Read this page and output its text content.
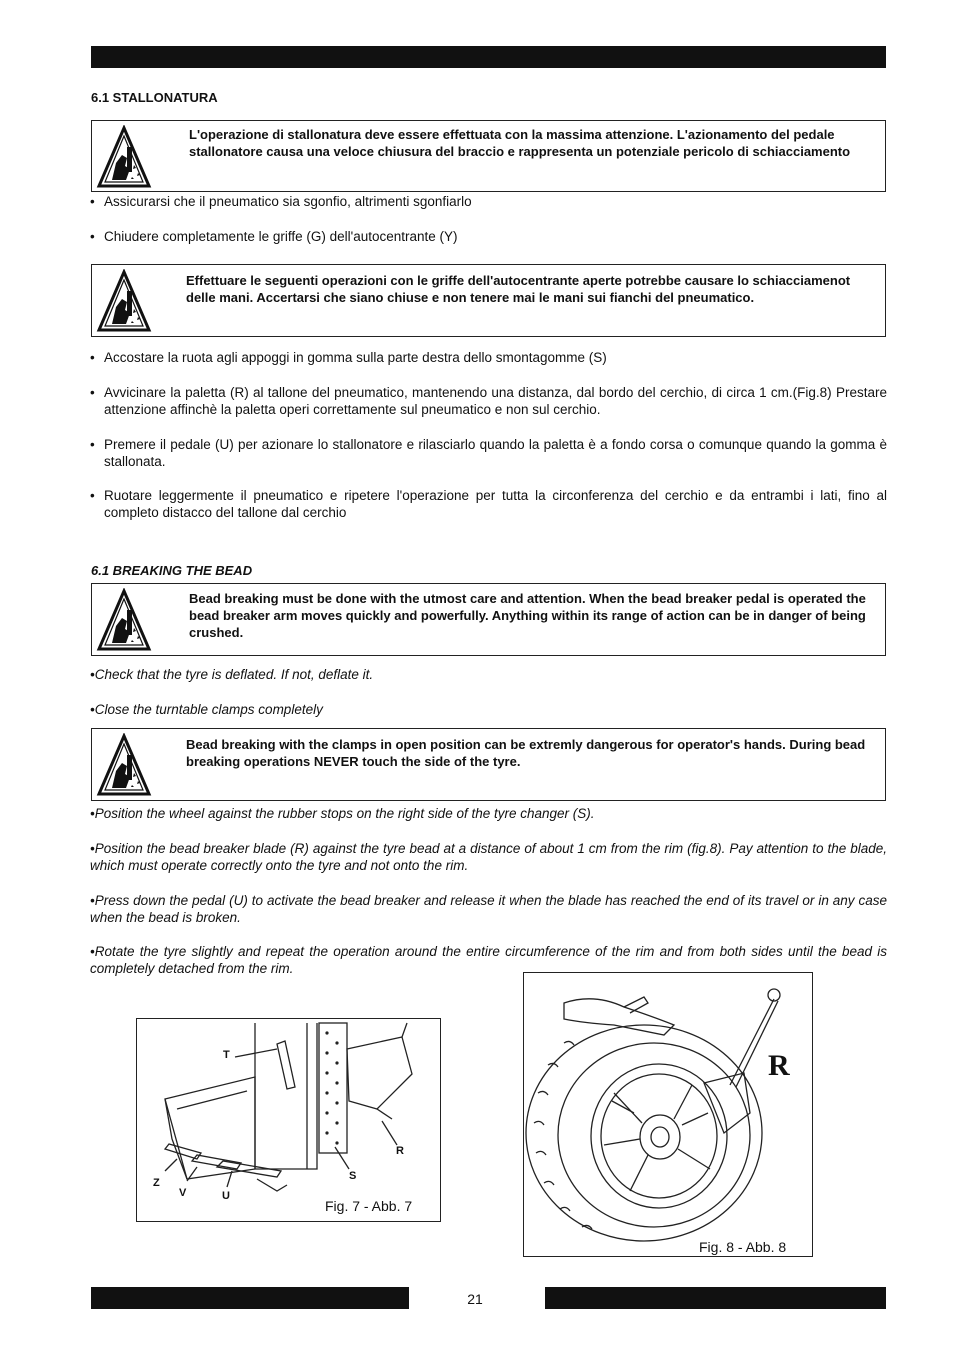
6.1 STALLONATURA

L'operazione di stallonatura deve essere effettuata con la massima attenzione. L'azionamento del pedale stallonatore causa una veloce chiusura del braccio e rappresenta un potenziale pericolo di schiacciamento

• Assicurarsi che il pneumatico sia sgonfio, altrimenti sgonfiarlo

• Chiudere completamente le griffe (G) dell'autocentrante (Y)

Effettuare le seguenti operazioni con le griffe dell'autocentrante aperte potrebbe causare lo schiacciamenot delle mani. Accertarsi che siano chiuse e non tenere mai le mani sui fianchi del pneumatico.

• Accostare la ruota agli appoggi in gomma sulla parte destra dello smontagomme (S)

• Avvicinare la paletta (R) al tallone del pneumatico, mantenendo una distanza, dal bordo del cerchio, di circa 1 cm.(Fig.8) Prestare attenzione affinchè la paletta operi correttamente sul pneumatico e non sul cerchio.

• Premere il pedale (U) per azionare lo stallonatore e rilasciarlo quando la paletta è a fondo corsa o comunque quando la gomma è stallonata.

• Ruotare leggermente il pneumatico e ripetere l'operazione per tutta la circonferenza del cerchio e da entrambi i lati, fino al completo distacco del tallone dal cerchio

6.1 BREAKING THE BEAD

Bead breaking must be done with the utmost care and attention. When the bead breaker pedal is operated the bead breaker arm moves quickly and powerfully. Anything within its range of action can be in danger of being crushed.

•Check that the tyre is deflated. If not, deflate it.

•Close the turntable clamps completely

Bead breaking with the clamps in open position can be extremly dangerous for operator's hands. During bead breaking operations NEVER touch the side of the tyre.

•Position the wheel against the rubber stops on the right side of the tyre changer (S).

•Position the bead breaker blade (R) against the tyre bead at a distance of about 1 cm from the rim (fig.8). Pay attention to the blade, which must operate correctly onto the tyre and not onto the rim.

•Press down the pedal (U) to activate the bead breaker and release it when the blade has reached the end of its travel or in any case when the bead is broken.

•Rotate the tyre slightly and repeat the operation around the entire circumference of the rim and from both sides until the bead is completely detached from the rim.

T
Z
V	U
S
R
Fig. 7 - Abb. 7
R
Fig. 8 - Abb. 8
21
